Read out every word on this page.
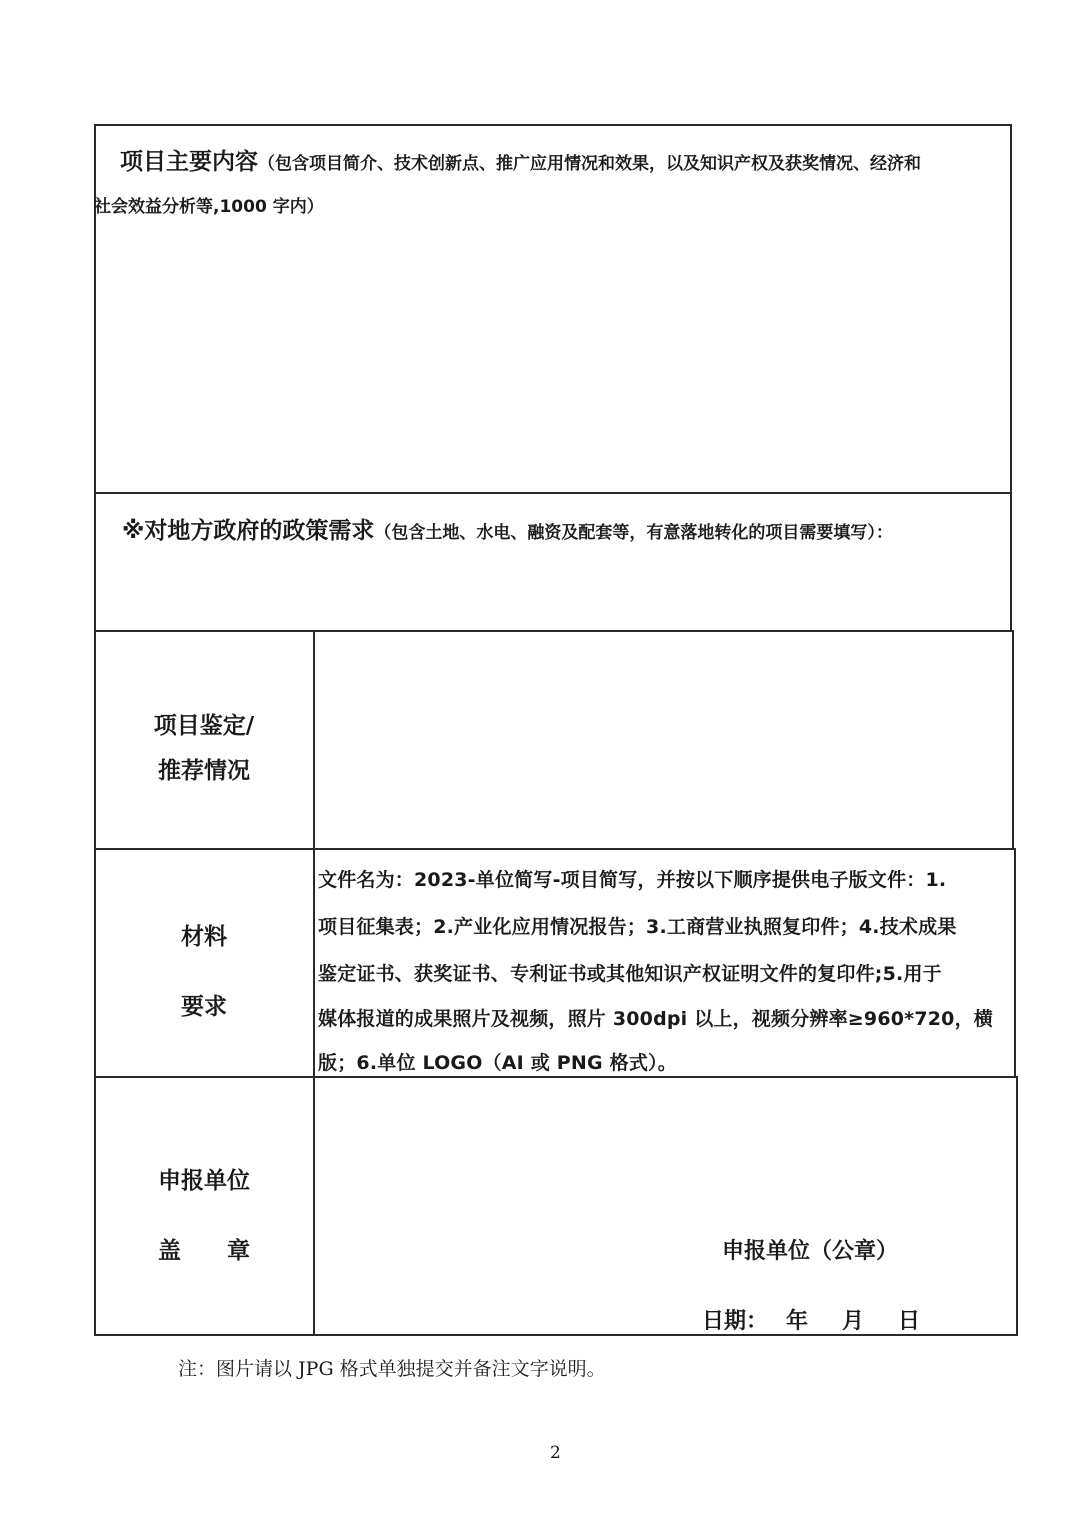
项目主要内容（包含项目简介、技术创新点、推广应用情况和效果，以及知识产权及获奖情况、经济和
社会效益分析等,1000 字内）
※对地方政府的政策需求（包含土地、水电、融资及配套等，有意落地转化的项目需要填写）：
项目鉴定/
推荐情况
材料
要求
文件名为：2023-单位简写-项目简写，并按以下顺序提供电子版文件：1.
项目征集表；2.产业化应用情况报告；3.工商营业执照复印件；4.技术成果
鉴定证书、获奖证书、专利证书或其他知识产权证明文件的复印件;5.用于
媒体报道的成果照片及视频，照片 300dpi 以上，视频分辨率≥960*720，横
版；6.单位 LOGO（AI 或 PNG 格式）。
申报单位
盖　　章	申报单位（公章）
日期： 年 月 日
注：图片请以 JPG 格式单独提交并备注文字说明。
2
